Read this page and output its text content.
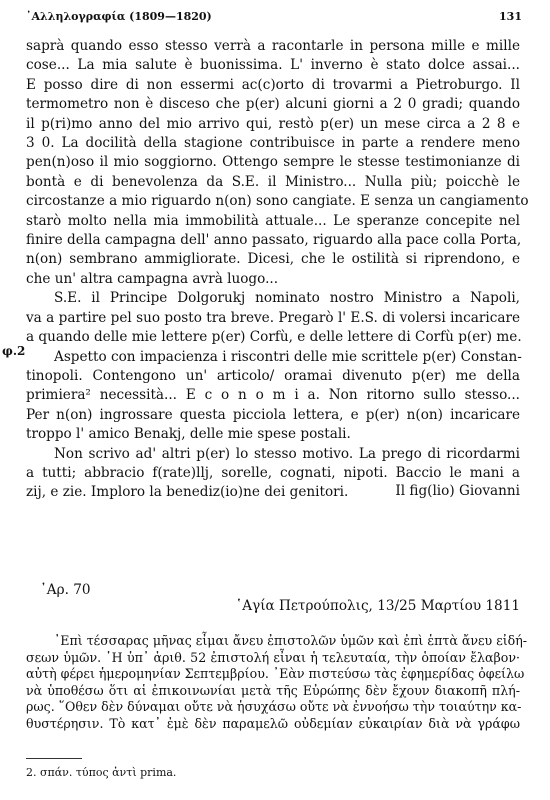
᾿Αλληλογραφία (1809—1820)	131
φ.2
saprà quando esso stesso verrà a racontarle in persona mille e mille
cose... La mia salute è buonissima. L' inverno è stato dolce assai...
E posso dire di non essermi ac(c)orto di trovarmi a Pietroburgo. Il
termometro non è disceso che p(er) alcuni giorni a 2 0 gradi; quando
il p(ri)mo anno del mio arrivo qui, restò p(er) un mese circa a 2 8 e
3 0. La docilità della stagione contribuisce in parte a rendere meno
pen(n)oso il mio soggiorno. Ottengo sempre le stesse testimonianze di
bontà e di benevolenza da S.E. il Ministro... Nulla più; poicchè le
circostanze a mio riguardo n(on) sono cangiate. E senza un cangiamento
starò molto nella mia immobilità attuale... Le speranze concepite nel
finire della campagna dell' anno passato, riguardo alla pace colla Porta,
n(on) sembrano ammigliorate. Dicesi, che le ostilità si riprendono, e
che un' altra campagna avrà luogo...
S.E. il Principe Dolgorukj nominato nostro Ministro a Napoli,
va a partire pel suo posto tra breve. Pregarò l' E.S. di volersi incaricare
a quando delle mie lettere p(er) Corfù, e delle lettere di Corfù p(er) me.
Aspetto con impacienza i riscontri delle mie scrittele p(er) Constan-
tinopoli. Contengono un' articolo/ oramai divenuto p(er) me della
primiera² necessità... E c o n o m i a. Non ritorno sullo stesso...
Per n(on) ingrossare questa picciola lettera, e p(er) n(on) incaricare
troppo l' amico Benakj, delle mie spese postali.
Non scrivo ad' altri p(er) lo stesso motivo. La prego di ricordarmi
a tutti; abbracio f(rate)llj, sorelle, cognati, nipoti. Baccio le mani a
zij, e zie. Imploro la benediz(io)ne dei genitori.	Il fig(lio) Giovanni
᾿Αρ. 70
῾Αγία Πετρούπολις, 13/25 Μαρτίου 1811
᾿Επὶ τέσσαρας μῆνας εἶμαι ἄνευ ἐπιστολῶν ὑμῶν καὶ ἐπὶ ἑπτὰ ἄνευ εἰδή-
σεων ὑμῶν. ῾Η ὑπ᾿ ἀριθ. 52 ἐπιστολή εἶναι ἡ τελευταία, τὴν ὁποίαν ἔλαβον·
αὐτὴ φέρει ἡμερομηνίαν Σεπτεμβρίου. ᾿Εὰν πιστεύσω τὰς ἐφημερίδας ὀφείλω
νὰ ὑποθέσω ὅτι αἱ ἐπικοινωνίαι μετὰ τῆς Εὐρώπης δὲν ἔχουν διακοπῆ πλή-
ρως. ῞Οθεν δὲν δύναμαι οὔτε νὰ ἡσυχάσω οὔτε νὰ ἐννοήσω τὴν τοιαύτην κα-
θυστέρησιν. Τὸ κατ᾿ ἐμὲ δὲν παραμελῶ οὐδεμίαν εὐκαιρίαν διὰ νὰ γράφω
2. σπάν. τύπος ἀντὶ prima.
